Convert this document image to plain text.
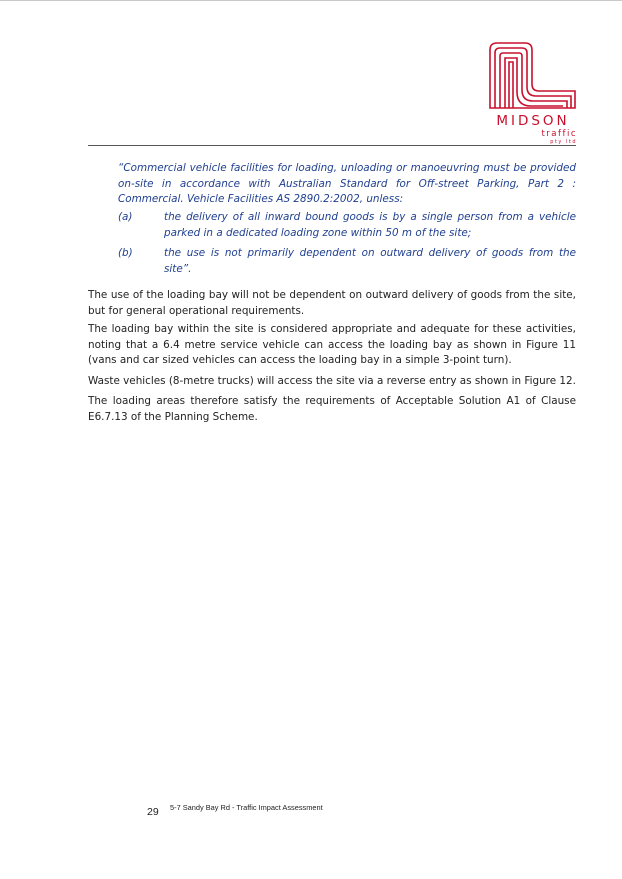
MIDSON
traffic
pty ltd

“Commercial vehicle facilities for loading, unloading or manoeuvring must be provided on-site in accordance with Australian Standard for Off-street Parking, Part 2 : Commercial. Vehicle Facilities AS 2890.2:2002, unless:

(a)	the delivery of all inward bound goods is by a single person from a vehicle parked in a dedicated loading zone within 50 m of the site;
(b)	the use is not primarily dependent on outward delivery of goods from the site”.

The use of the loading bay will not be dependent on outward delivery of goods from the site, but for general operational requirements.

The loading bay within the site is considered appropriate and adequate for these activities, noting that a 6.4 metre service vehicle can access the loading bay as shown in Figure 11 (vans and car sized vehicles can access the loading bay in a simple 3-point turn).

Waste vehicles (8-metre trucks) will access the site via a reverse entry as shown in Figure 12.

The loading areas therefore satisfy the requirements of Acceptable Solution A1 of Clause E6.7.13 of the Planning Scheme.

29 5-7 Sandy Bay Rd - Traffic Impact Assessment
